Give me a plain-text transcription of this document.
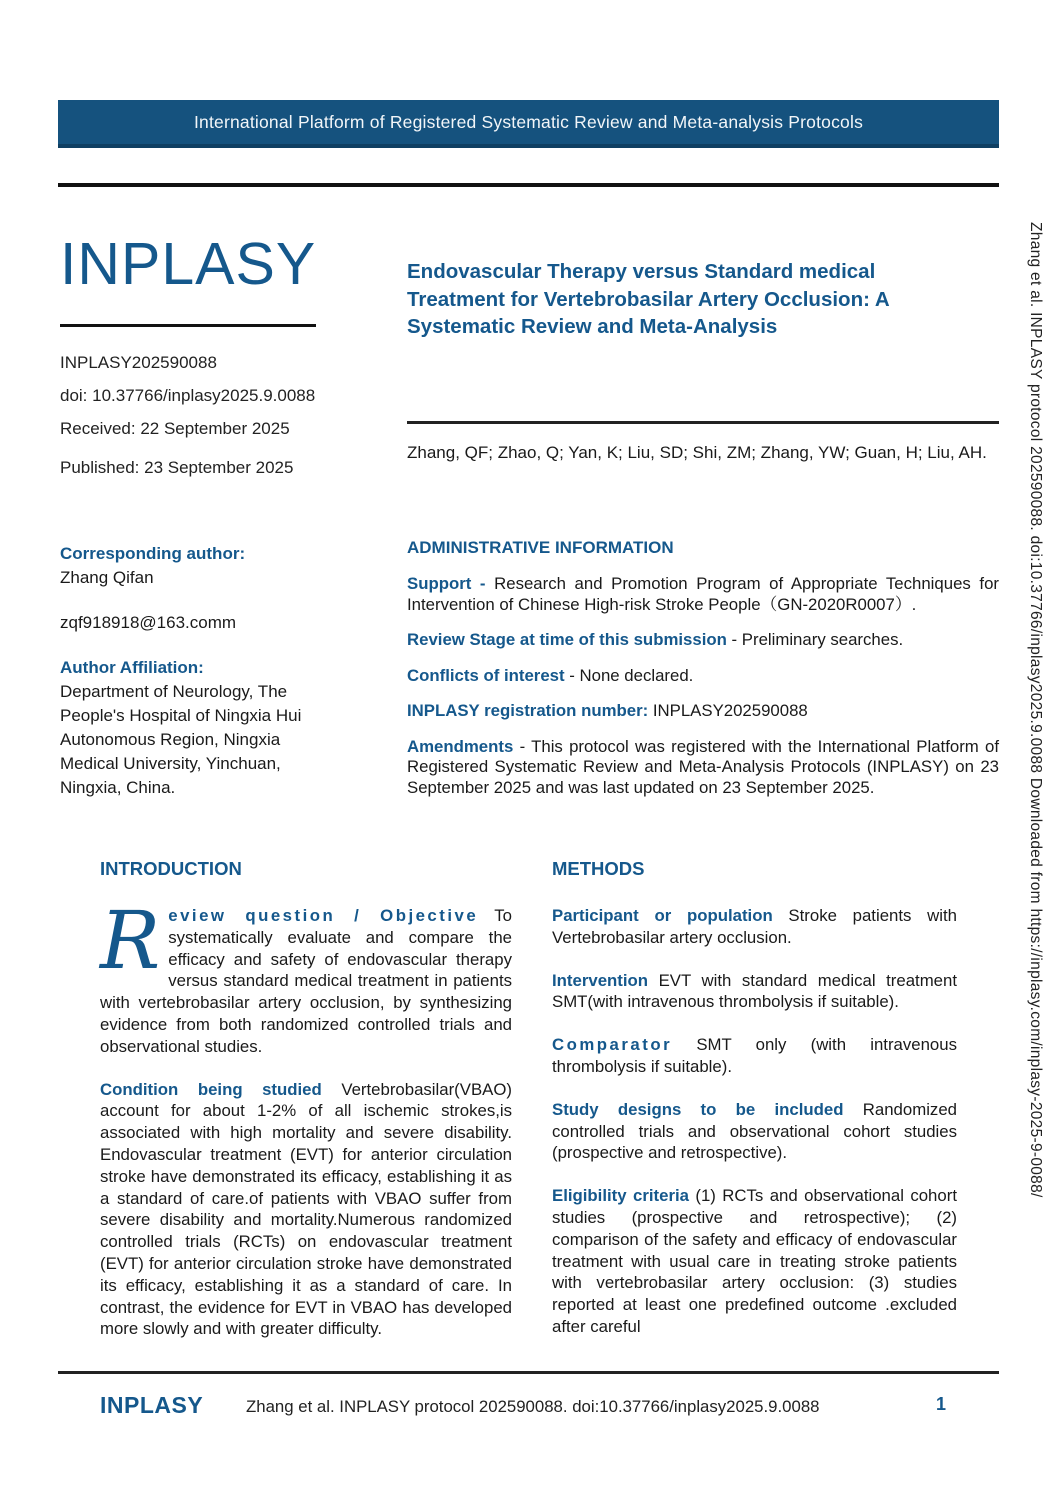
Zhang et al. INPLASY protocol 202590088. doi:10.37766/inplasy2025.9.0088 Downloaded from https://inplasy.com/inplasy-2025-9-0088/
International Platform of Registered Systematic Review and Meta-analysis Protocols
INPLASY
INPLASY202590088
doi: 10.37766/inplasy2025.9.0088
Received: 22 September 2025
Published: 23 September 2025
Corresponding author:
Zhang Qifan
zqf918918@163.comm
Author Affiliation:
Department of Neurology, The People's Hospital of Ningxia Hui Autonomous Region, Ningxia Medical University, Yinchuan, Ningxia, China.
Endovascular Therapy versus Standard medical Treatment for Vertebrobasilar Artery Occlusion: A Systematic Review and Meta-Analysis

Zhang, QF; Zhao, Q; Yan, K; Liu, SD; Shi, ZM; Zhang, YW; Guan, H; Liu, AH.

ADMINISTRATIVE INFORMATION

Support - Research and Promotion Program of Appropriate Techniques for Intervention of Chinese High-risk Stroke People（GN-2020R0007）.

Review Stage at time of this submission - Preliminary searches.

Conflicts of interest - None declared.

INPLASY registration number: INPLASY202590088

Amendments - This protocol was registered with the International Platform of Registered Systematic Review and Meta-Analysis Protocols (INPLASY) on 23 September 2025 and was last updated on 23 September 2025.

INTRODUCTION

R eview question / Objective To systematically evaluate and compare the efficacy and safety of endovascular therapy versus standard medical treatment in patients with vertebrobasilar artery occlusion, by synthesizing evidence from both randomized controlled trials and observational studies.

Condition being studied Vertebrobasilar(VBAO) account for about 1-2% of all ischemic strokes,is associated with high mortality and severe disability. Endovascular treatment (EVT) for anterior circulation stroke have demonstrated its efficacy, establishing it as a standard of care.of patients with VBAO suffer from severe disability and mortality.Numerous randomized controlled trials (RCTs) on endovascular treatment (EVT) for anterior circulation stroke have demonstrated its efficacy, establishing it as a standard of care. In contrast, the evidence for EVT in VBAO has developed more slowly and with greater difficulty.

METHODS

Participant or population Stroke patients with Vertebrobasilar artery occlusion.

Intervention EVT with standard medical treatment SMT(with intravenous thrombolysis if suitable).

Comparator SMT only (with intravenous thrombolysis if suitable).

Study designs to be included Randomized controlled trials and observational cohort studies (prospective and retrospective).

Eligibility criteria (1) RCTs and observational cohort studies (prospective and retrospective); (2) comparison of the safety and efficacy of endovascular treatment with usual care in treating stroke patients with vertebrobasilar artery occlusion: (3) studies reported at least one predefined outcome .excluded after careful

INPLASY	Zhang et al. INPLASY protocol 202590088. doi:10.37766/inplasy2025.9.0088	1
